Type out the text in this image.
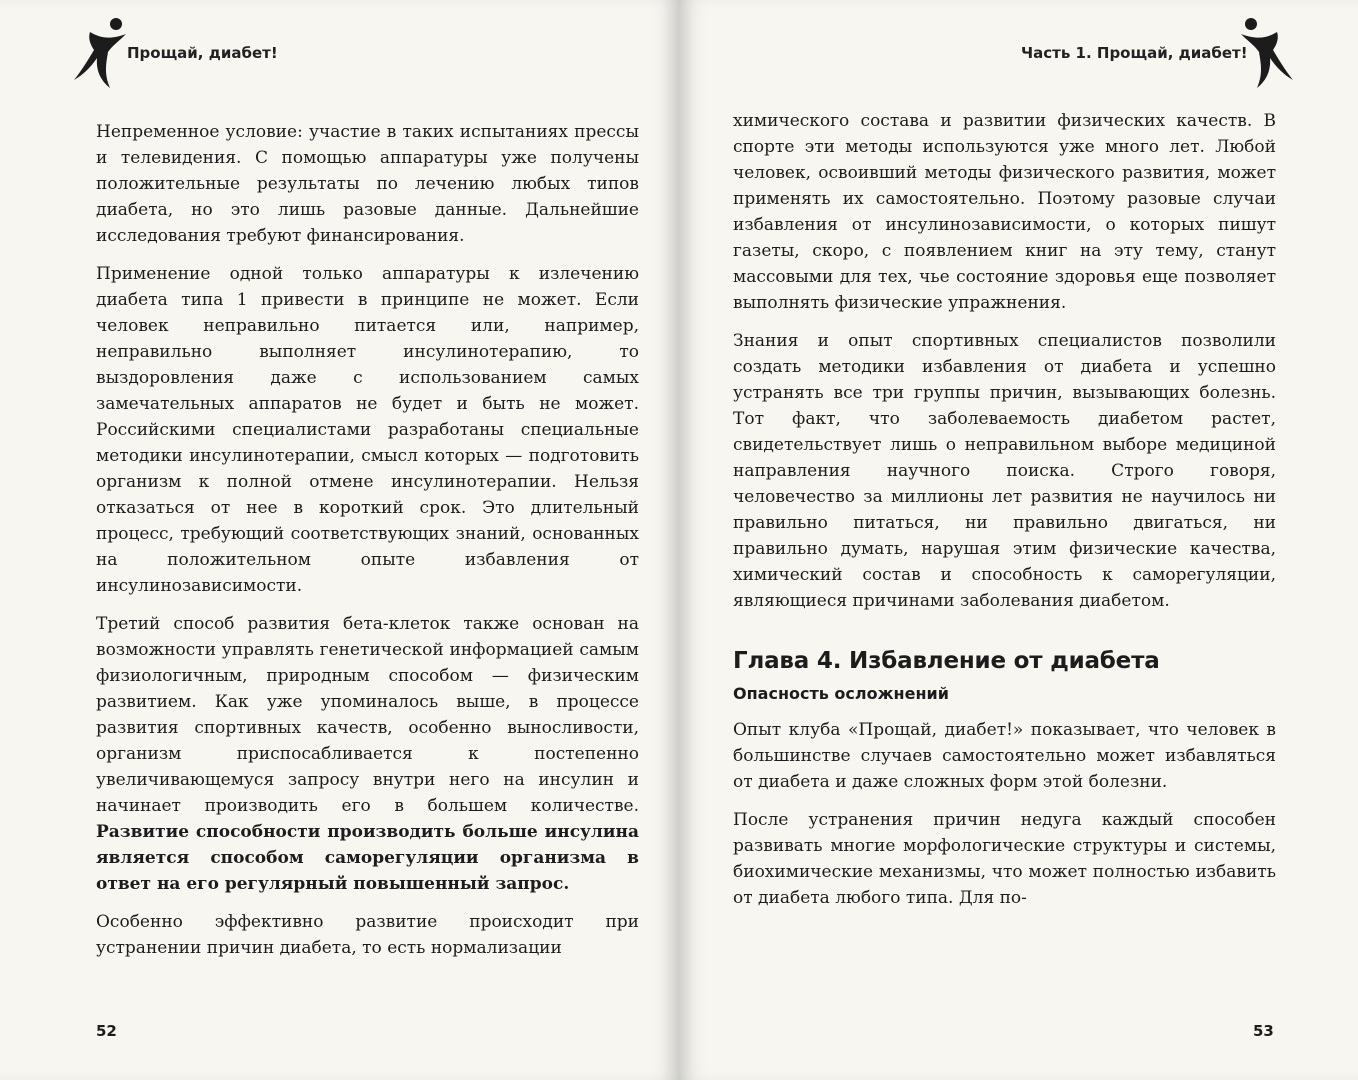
Прощай, диабет!

Непременное условие: участие в таких испытаниях прессы и телевидения. С помощью аппаратуры уже получены положительные результаты по лечению любых типов диабета, но это лишь разовые данные. Дальнейшие исследования требуют финансирования.

Применение одной только аппаратуры к излечению диабета типа 1 привести в принципе не может. Если человек неправильно питается или, например, неправильно выполняет инсулинотерапию, то выздоровления даже с использованием самых замечательных аппаратов не будет и быть не может. Российскими специалистами разработаны специальные методики инсулинотерапии, смысл которых — подготовить организм к полной отмене инсулинотерапии. Нельзя отказаться от нее в короткий срок. Это длительный процесс, требующий соответствующих знаний, основанных на положительном опыте избавления от инсулинозависимости.

Третий способ развития бета-клеток также основан на возможности управлять генетической информацией самым физиологичным, природным способом — физическим развитием. Как уже упоминалось выше, в процессе развития спортивных качеств, особенно выносливости, организм приспосабливается к постепенно увеличивающемуся запросу внутри него на инсулин и начинает производить его в большем количестве. Развитие способности производить больше инсулина является способом саморегуляции организма в ответ на его регулярный повышенный запрос.

Особенно эффективно развитие происходит при устранении причин диабета, то есть нормализации

52
Часть 1. Прощай, диабет!

химического состава и развитии физических качеств. В спорте эти методы используются уже много лет. Любой человек, освоивший методы физического развития, может применять их самостоятельно. Поэтому разовые случаи избавления от инсулинозависимости, о которых пишут газеты, скоро, с появлением книг на эту тему, станут массовыми для тех, чье состояние здоровья еще позволяет выполнять физические упражнения.

Знания и опыт спортивных специалистов позволили создать методики избавления от диабета и успешно устранять все три группы причин, вызывающих болезнь. Тот факт, что заболеваемость диабетом растет, свидетельствует лишь о неправильном выборе медициной направления научного поиска. Строго говоря, человечество за миллионы лет развития не научилось ни правильно питаться, ни правильно двигаться, ни правильно думать, нарушая этим физические качества, химический состав и способность к саморегуляции, являющиеся причинами заболевания диабетом.

Глава 4. Избавление от диабета
Опасность осложнений

Опыт клуба «Прощай, диабет!» показывает, что человек в большинстве случаев самостоятельно может избавляться от диабета и даже сложных форм этой болезни.

После устранения причин недуга каждый способен развивать многие морфологические структуры и системы, биохимические механизмы, что может полностью избавить от диабета любого типа. Для по-

53
